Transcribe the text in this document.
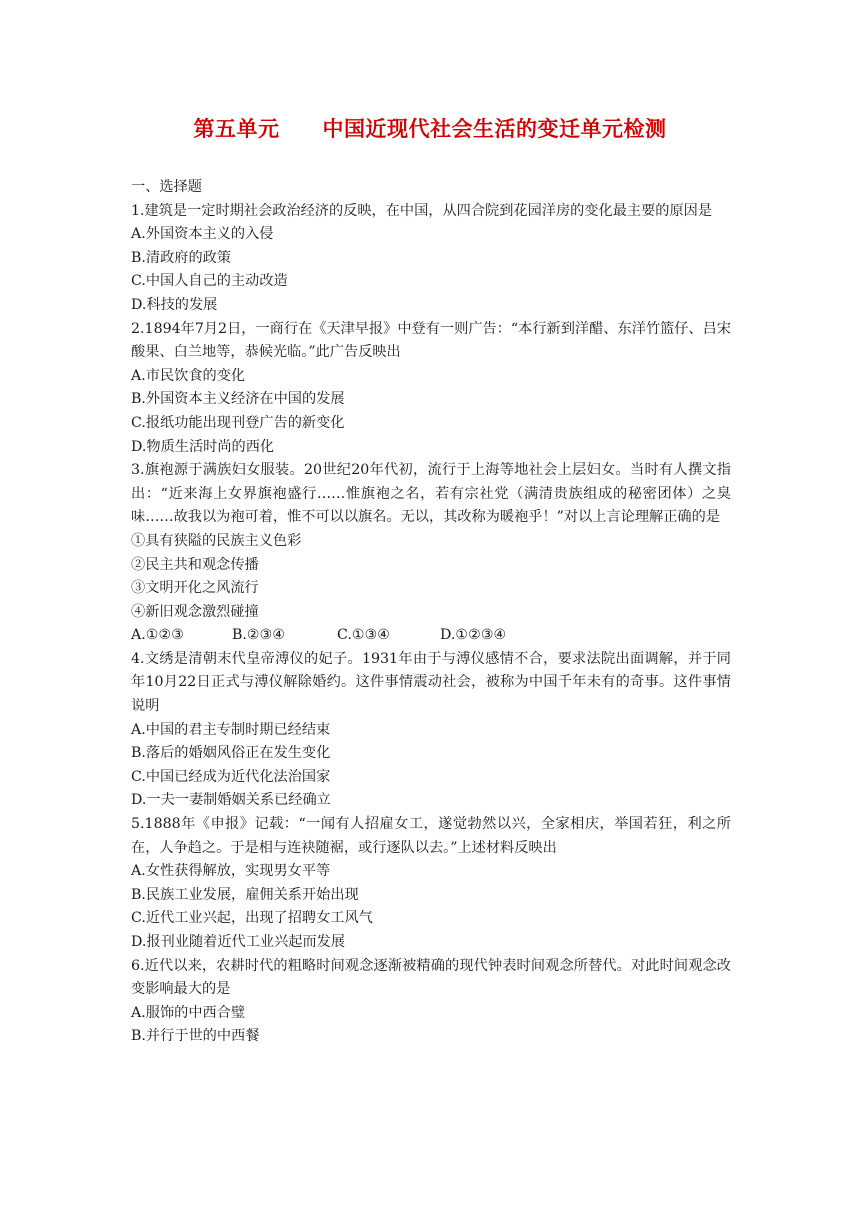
第五单元　　中国近现代社会生活的变迁单元检测
一、选择题
1.建筑是一定时期社会政治经济的反映，在中国，从四合院到花园洋房的变化最主要的原因是
A.外国资本主义的入侵
B.清政府的政策
C.中国人自己的主动改造
D.科技的发展
2.1894年7月2日，一商行在《天津早报》中登有一则广告：“本行新到洋醋、东洋竹篮仔、吕宋酸果、白兰地等，恭候光临。”此广告反映出
A.市民饮食的变化
B.外国资本主义经济在中国的发展
C.报纸功能出现刊登广告的新变化
D.物质生活时尚的西化
3.旗袍源于满族妇女服装。20世纪20年代初，流行于上海等地社会上层妇女。当时有人撰文指出：“近来海上女界旗袍盛行……惟旗袍之名，若有宗社党（满清贵族组成的秘密团体）之臭味……故我以为袍可着，惟不可以以旗名。无以，其改称为暖袍乎！”对以上言论理解正确的是
①具有狭隘的民族主义色彩
②民主共和观念传播
③文明开化之风流行
④新旧观念激烈碰撞
A.①②③	B.②③④	C.①③④	D.①②③④
4.文绣是清朝末代皇帝溥仪的妃子。1931年由于与溥仪感情不合，要求法院出面调解，并于同年10月22日正式与溥仪解除婚约。这件事情震动社会，被称为中国千年未有的奇事。这件事情说明
A.中国的君主专制时期已经结束
B.落后的婚姻风俗正在发生变化
C.中国已经成为近代化法治国家
D.一夫一妻制婚姻关系已经确立
5.1888年《申报》记载：“一闻有人招雇女工，遂觉勃然以兴，全家相庆，举国若狂，利之所在，人争趋之。于是相与连袂随裾，或行逐队以去。”上述材料反映出
A.女性获得解放，实现男女平等
B.民族工业发展，雇佣关系开始出现
C.近代工业兴起，出现了招聘女工风气
D.报刊业随着近代工业兴起而发展
6.近代以来，农耕时代的粗略时间观念逐渐被精确的现代钟表时间观念所替代。对此时间观念改变影响最大的是
A.服饰的中西合璧
B.并行于世的中西餐
